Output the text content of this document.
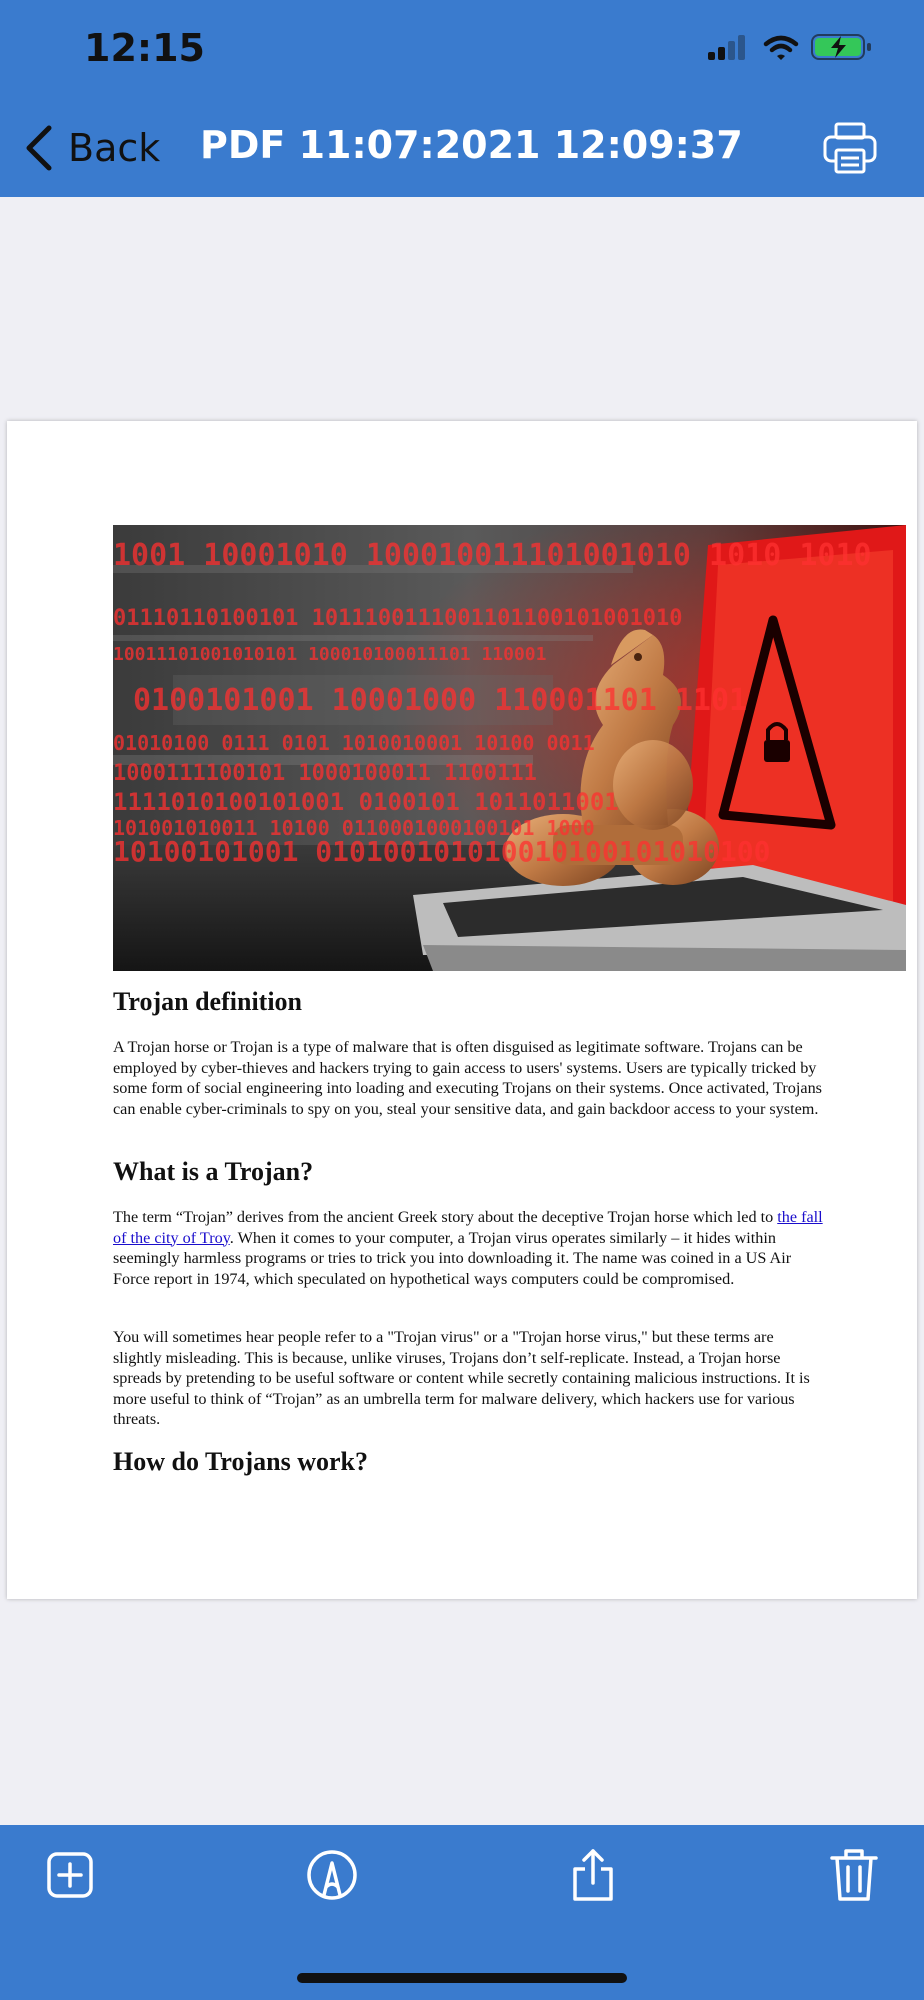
12:15
Back PDF 11:07:2021 12:09:37
1001 10001010 100010011101001010 1010 1010
01110110100101 1011100111001101100101001010
10011101001010101 100010100011101 110001
0100101001 10001000 110001101 1101
01010100 0111 0101 1010010001 10100 0011
1000111100101 1000100011 1100111
1111010100101001 0100101 1011011001
101001010011 10100 0110001000100101 1000
10100101001 010100101010010100101010100
Trojan definition

A Trojan horse or Trojan is a type of malware that is often disguised as legitimate software. Trojans can be employed by cyber-thieves and hackers trying to gain access to users' systems. Users are typically tricked by some form of social engineering into loading and executing Trojans on their systems. Once activated, Trojans can enable cyber-criminals to spy on you, steal your sensitive data, and gain backdoor access to your system.

What is a Trojan?

The term “Trojan” derives from the ancient Greek story about the deceptive Trojan horse which led to the fall of the city of Troy. When it comes to your computer, a Trojan virus operates similarly – it hides within seemingly harmless programs or tries to trick you into downloading it. The name was coined in a US Air Force report in 1974, which speculated on hypothetical ways computers could be compromised.

You will sometimes hear people refer to a "Trojan virus" or a "Trojan horse virus," but these terms are slightly misleading. This is because, unlike viruses, Trojans don’t self-replicate. Instead, a Trojan horse spreads by pretending to be useful software or content while secretly containing malicious instructions. It is more useful to think of “Trojan” as an umbrella term for malware delivery, which hackers use for various threats.

How do Trojans work?
